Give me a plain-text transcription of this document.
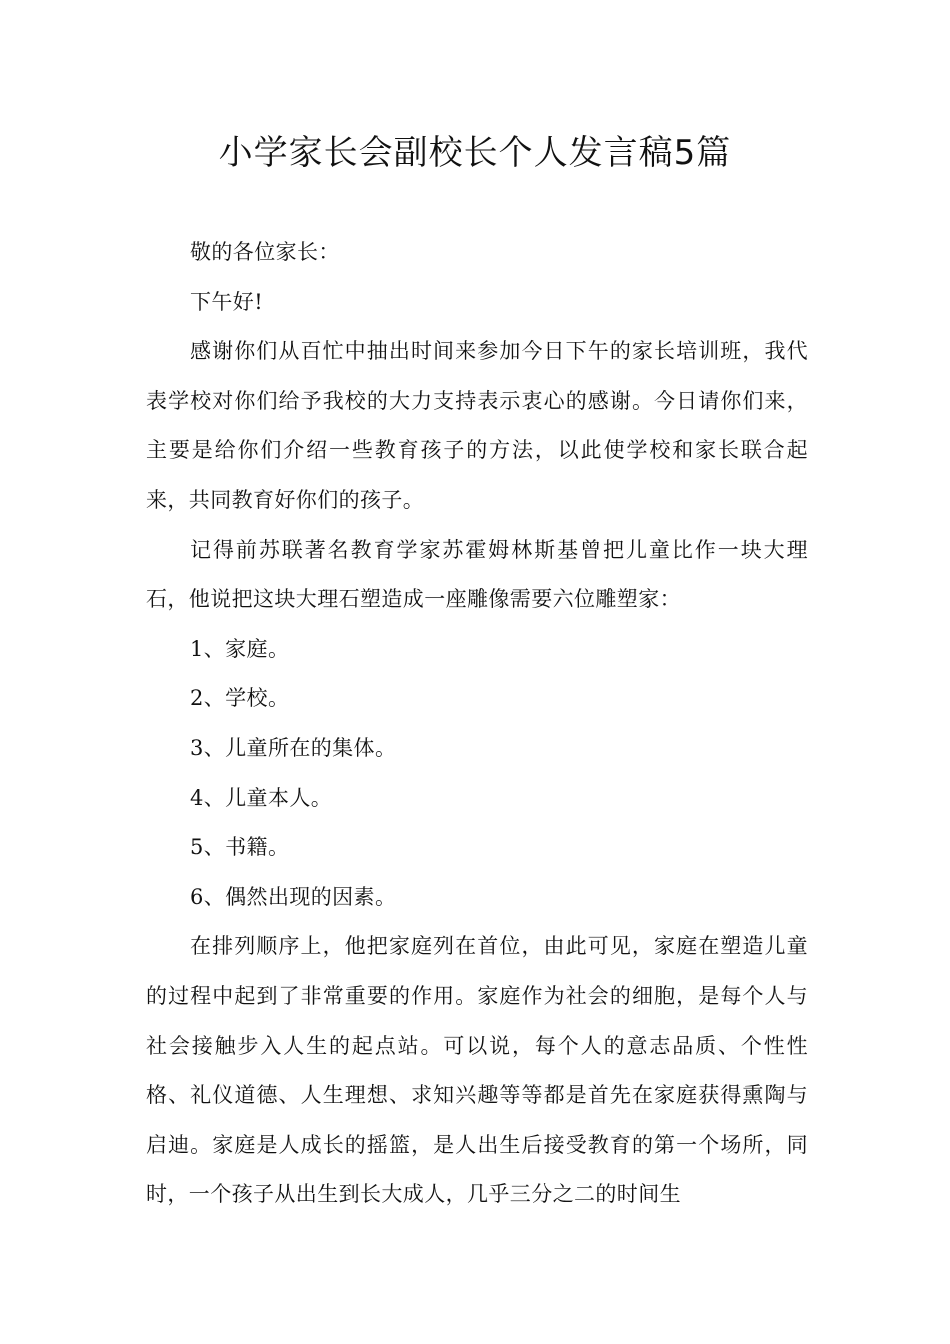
小学家长会副校长个人发言稿5篇

敬的各位家长：

下午好!

感谢你们从百忙中抽出时间来参加今日下午的家长培训班，我代表学校对你们给予我校的大力支持表示衷心的感谢。今日请你们来，主要是给你们介绍一些教育孩子的方法，以此使学校和家长联合起来，共同教育好你们的孩子。

记得前苏联著名教育学家苏霍姆林斯基曾把儿童比作一块大理石，他说把这块大理石塑造成一座雕像需要六位雕塑家：

1、家庭。

2、学校。

3、儿童所在的集体。

4、儿童本人。

5、书籍。

6、偶然出现的因素。

在排列顺序上，他把家庭列在首位，由此可见，家庭在塑造儿童的过程中起到了非常重要的作用。家庭作为社会的细胞，是每个人与社会接触步入人生的起点站。可以说，每个人的意志品质、个性性格、礼仪道德、人生理想、求知兴趣等等都是首先在家庭获得熏陶与启迪。家庭是人成长的摇篮，是人出生后接受教育的第一个场所，同时，一个孩子从出生到长大成人，几乎三分之二的时间生
